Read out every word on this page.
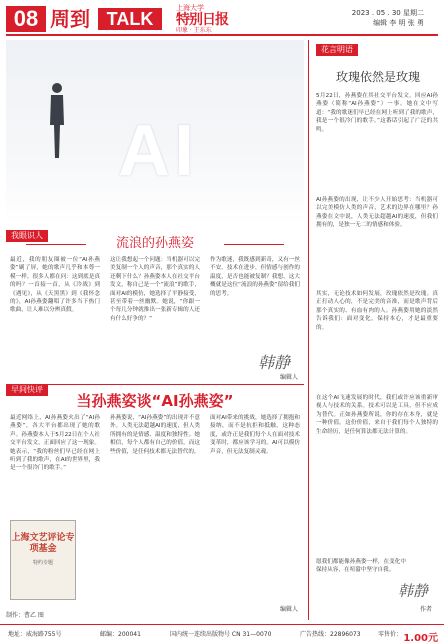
08 周到 TALK
上海大学
特别日报
印象 · 王东东
2023 . 05 . 30 星期二
编辑 李 明 张 勇
AI
我眼识人
流浪的孙燕姿
最近，我的朋友圈被一位“AI孙燕姿”刷了屏，她的歌声几乎和本尊一模一样。很多人都在问：这到底是真的吗？一首接一首，从《冷战》到《遇见》，从《天黑黑》到《我怀念的》，AI孙燕姿翻唱了许多当下热门歌曲，让人难以分辨真假。
这让我想起一个问题：当机器可以完美复制一个人的声音，那个真实的人还剩下什么？孙燕姿本人在社交平台发文，称自己是一个“流浪”的歌手，面对AI的模仿，她选择了平静接受，甚至带着一丝幽默。她说，“你跟一个每几分钟就推出一张新专辑的人还有什么好争的？”
作为歌迷，我既感到新奇，又有一丝不安。技术在进步，但情感与创作的温度，是否也能被复制？我想，这大概就是这位“流浪的孙燕姿”留给我们的思考。
韩静
编辑人
早间快评
当孙燕姿谈“AI孙燕姿”
最近网络上，AI孙燕姿火出了“AI孙燕姿”，各大平台都出现了她的歌声。孙燕姿本人于5月22日在个人社交平台发文，正面回应了这一现象。她表示，“我的粉丝们早已经在网上听到了我的歌声，在AI的世界里，我是一个很冷门的歌手。”
孙燕姿说，“AI孙燕姿”的出现并不意外。人类无法超越AI的速度，但人类所拥有的是情感、温度和独特性。她相信，每个人都有自己的价值，而这些价值，是任何技术都无法替代的。
面对AI带来的挑战，她选择了拥抱和接纳，而不是抗拒和抵触。这种态度，或许正是我们每个人在面对技术变革时，都应该学习的。AI可以模仿声音，但无法复制灵魂。
上海文艺评论专项基金
特约专题
编辑人
制作：曹乙 图
花言明语
玫瑰依然是玫瑰
5月22日，孙燕姿在其社交平台发文，回应AI孙燕姿（简称“AI孙燕姿”）一事。她在文中写道：“我的歌迷们早已经在网上听到了我的歌声，我是一个很冷门的歌手。”这番话引起了广泛的共鸣。
AI孙燕姿的出现，让不少人开始思考：当机器可以完美模仿人类的声音，艺术的边界在哪里？孙燕姿在文中说，人类无法超越AI的速度，但我们拥有的，是独一无二的情感和体验。
其实，无论技术如何发展，玫瑰依然是玫瑰。真正打动人心的，不是完美的音准，而是歌声背后那个真实的、有血有肉的人。孙燕姿用她的淡然告诉我们：面对变化，保持本心，才是最重要的。
在这个AI飞速发展的时代，我们或许应该重新审视人与技术的关系。技术可以是工具，但不应成为替代。正如孙燕姿所说，你的存在本身，就是一种价值。这份价值，来自于我们每个人独特的生命经历，是任何算法都无法计算的。
愿我们都能像孙燕姿一样，在变化中保持从容，在喧嚣中坚守自我。
韩静
作者
地址：威海路755号	邮编：200041	国内统一连续出版物号 CN 31—0070	广告热线：22896073	零售价： 1.00元
